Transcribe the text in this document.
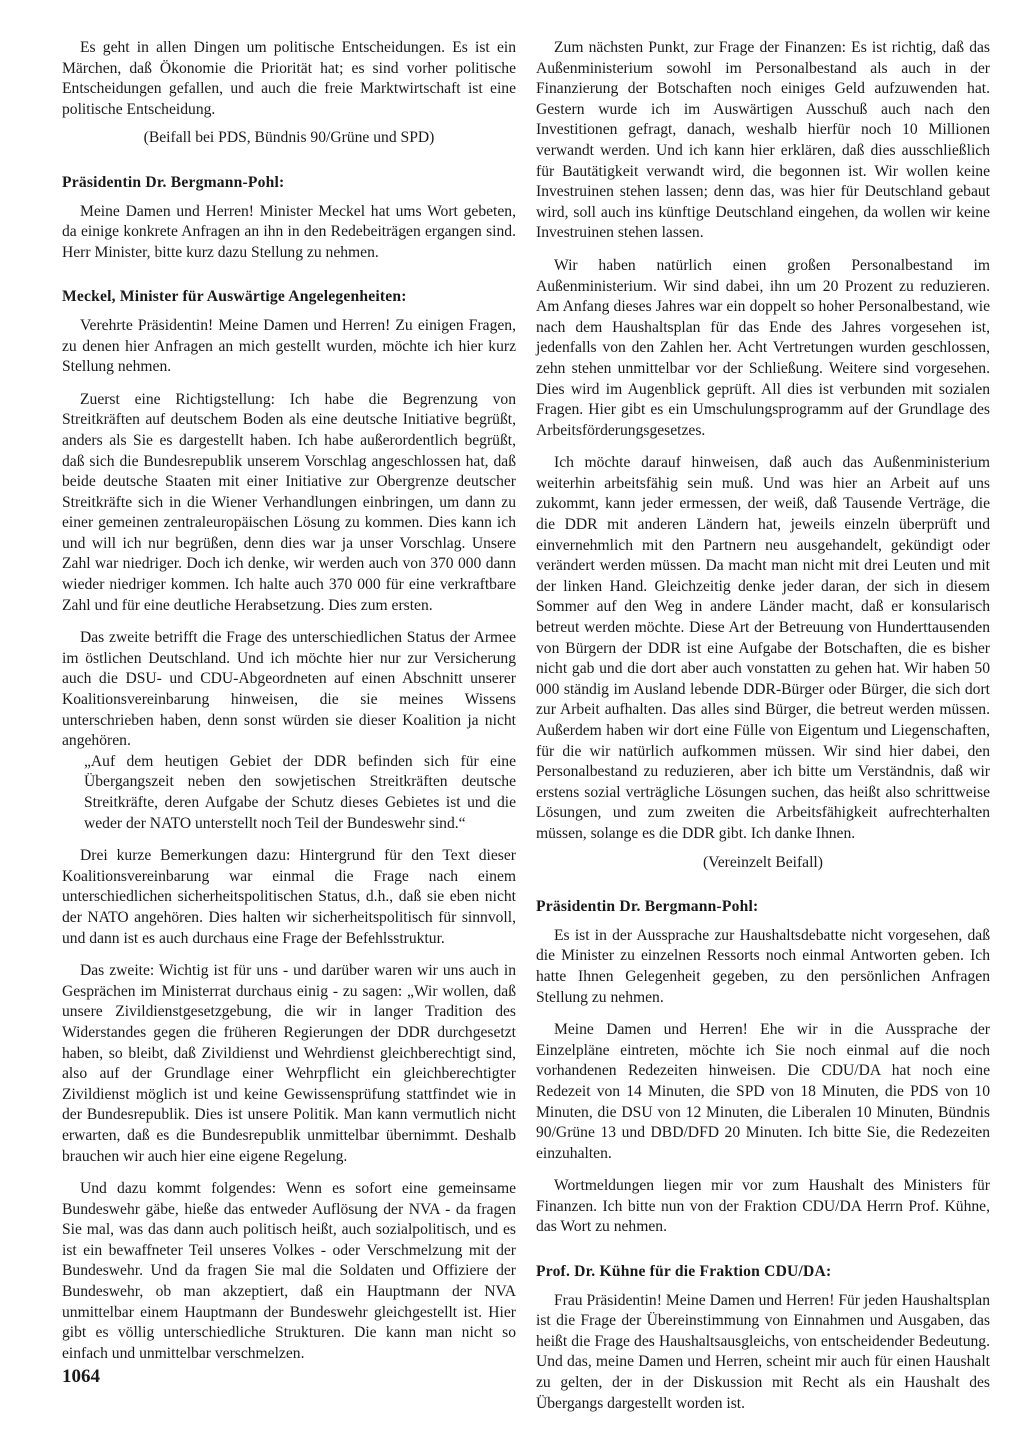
Es geht in allen Dingen um politische Entscheidungen. Es ist ein Märchen, daß Ökonomie die Priorität hat; es sind vorher politische Entscheidungen gefallen, und auch die freie Marktwirtschaft ist eine politische Entscheidung.

(Beifall bei PDS, Bündnis 90/Grüne und SPD)

Präsidentin Dr. Bergmann-Pohl:

Meine Damen und Herren! Minister Meckel hat ums Wort gebeten, da einige konkrete Anfragen an ihn in den Redebeiträgen ergangen sind. Herr Minister, bitte kurz dazu Stellung zu nehmen.

Meckel, Minister für Auswärtige Angelegenheiten:

Verehrte Präsidentin! Meine Damen und Herren! Zu einigen Fragen, zu denen hier Anfragen an mich gestellt wurden, möchte ich hier kurz Stellung nehmen.

Zuerst eine Richtigstellung: Ich habe die Begrenzung von Streitkräften auf deutschem Boden als eine deutsche Initiative begrüßt, anders als Sie es dargestellt haben. Ich habe außerordentlich begrüßt, daß sich die Bundesrepublik unserem Vorschlag angeschlossen hat, daß beide deutsche Staaten mit einer Initiative zur Obergrenze deutscher Streitkräfte sich in die Wiener Verhandlungen einbringen, um dann zu einer gemeinen zentraleuropäischen Lösung zu kommen. Dies kann ich und will ich nur begrüßen, denn dies war ja unser Vorschlag. Unsere Zahl war niedriger. Doch ich denke, wir werden auch von 370 000 dann wieder niedriger kommen. Ich halte auch 370 000 für eine verkraftbare Zahl und für eine deutliche Herabsetzung. Dies zum ersten.

Das zweite betrifft die Frage des unterschiedlichen Status der Armee im östlichen Deutschland. Und ich möchte hier nur zur Versicherung auch die DSU- und CDU-Abgeordneten auf einen Abschnitt unserer Koalitionsvereinbarung hinweisen, die sie meines Wissens unterschrieben haben, denn sonst würden sie dieser Koalition ja nicht angehören.

„Auf dem heutigen Gebiet der DDR befinden sich für eine Übergangszeit neben den sowjetischen Streitkräften deutsche Streitkräfte, deren Aufgabe der Schutz dieses Gebietes ist und die weder der NATO unterstellt noch Teil der Bundeswehr sind.“

Drei kurze Bemerkungen dazu: Hintergrund für den Text dieser Koalitionsvereinbarung war einmal die Frage nach einem unterschiedlichen sicherheitspolitischen Status, d.h., daß sie eben nicht der NATO angehören. Dies halten wir sicherheitspolitisch für sinnvoll, und dann ist es auch durchaus eine Frage der Befehlsstruktur.

Das zweite: Wichtig ist für uns - und darüber waren wir uns auch in Gesprächen im Ministerrat durchaus einig - zu sagen: „Wir wollen, daß unsere Zivildienstgesetzgebung, die wir in langer Tradition des Widerstandes gegen die früheren Regierungen der DDR durchgesetzt haben, so bleibt, daß Zivildienst und Wehrdienst gleichberechtigt sind, also auf der Grundlage einer Wehrpflicht ein gleichberechtigter Zivildienst möglich ist und keine Gewissensprüfung stattfindet wie in der Bundesrepublik. Dies ist unsere Politik. Man kann vermutlich nicht erwarten, daß es die Bundesrepublik unmittelbar übernimmt. Deshalb brauchen wir auch hier eine eigene Regelung.

Und dazu kommt folgendes: Wenn es sofort eine gemeinsame Bundeswehr gäbe, hieße das entweder Auflösung der NVA - da fragen Sie mal, was das dann auch politisch heißt, auch sozialpolitisch, und es ist ein bewaffneter Teil unseres Volkes - oder Verschmelzung mit der Bundeswehr. Und da fragen Sie mal die Soldaten und Offiziere der Bundeswehr, ob man akzeptiert, daß ein Hauptmann der NVA unmittelbar einem Hauptmann der Bundeswehr gleichgestellt ist. Hier gibt es völlig unterschiedliche Strukturen. Die kann man nicht so einfach und unmittelbar verschmelzen.

Zum nächsten Punkt, zur Frage der Finanzen: Es ist richtig, daß das Außenministerium sowohl im Personalbestand als auch in der Finanzierung der Botschaften noch einiges Geld aufzuwenden hat. Gestern wurde ich im Auswärtigen Ausschuß auch nach den Investitionen gefragt, danach, weshalb hierfür noch 10 Millionen verwandt werden. Und ich kann hier erklären, daß dies ausschließlich für Bautätigkeit verwandt wird, die begonnen ist. Wir wollen keine Investruinen stehen lassen; denn das, was hier für Deutschland gebaut wird, soll auch ins künftige Deutschland eingehen, da wollen wir keine Investruinen stehen lassen.

Wir haben natürlich einen großen Personalbestand im Außenministerium. Wir sind dabei, ihn um 20 Prozent zu reduzieren. Am Anfang dieses Jahres war ein doppelt so hoher Personalbestand, wie nach dem Haushaltsplan für das Ende des Jahres vorgesehen ist, jedenfalls von den Zahlen her. Acht Vertretungen wurden geschlossen, zehn stehen unmittelbar vor der Schließung. Weitere sind vorgesehen. Dies wird im Augenblick geprüft. All dies ist verbunden mit sozialen Fragen. Hier gibt es ein Umschulungsprogramm auf der Grundlage des Arbeitsförderungsgesetzes.

Ich möchte darauf hinweisen, daß auch das Außenministerium weiterhin arbeitsfähig sein muß. Und was hier an Arbeit auf uns zukommt, kann jeder ermessen, der weiß, daß Tausende Verträge, die die DDR mit anderen Ländern hat, jeweils einzeln überprüft und einvernehmlich mit den Partnern neu ausgehandelt, gekündigt oder verändert werden müssen. Da macht man nicht mit drei Leuten und mit der linken Hand. Gleichzeitig denke jeder daran, der sich in diesem Sommer auf den Weg in andere Länder macht, daß er konsularisch betreut werden möchte. Diese Art der Betreuung von Hunderttausenden von Bürgern der DDR ist eine Aufgabe der Botschaften, die es bisher nicht gab und die dort aber auch vonstatten zu gehen hat. Wir haben 50 000 ständig im Ausland lebende DDR-Bürger oder Bürger, die sich dort zur Arbeit aufhalten. Das alles sind Bürger, die betreut werden müssen. Außerdem haben wir dort eine Fülle von Eigentum und Liegenschaften, für die wir natürlich aufkommen müssen. Wir sind hier dabei, den Personalbestand zu reduzieren, aber ich bitte um Verständnis, daß wir erstens sozial verträgliche Lösungen suchen, das heißt also schrittweise Lösungen, und zum zweiten die Arbeitsfähigkeit aufrechterhalten müssen, solange es die DDR gibt. Ich danke Ihnen.

(Vereinzelt Beifall)

Präsidentin Dr. Bergmann-Pohl:

Es ist in der Aussprache zur Haushaltsdebatte nicht vorgesehen, daß die Minister zu einzelnen Ressorts noch einmal Antworten geben. Ich hatte Ihnen Gelegenheit gegeben, zu den persönlichen Anfragen Stellung zu nehmen.

Meine Damen und Herren! Ehe wir in die Aussprache der Einzelpläne eintreten, möchte ich Sie noch einmal auf die noch vorhandenen Redezeiten hinweisen. Die CDU/DA hat noch eine Redezeit von 14 Minuten, die SPD von 18 Minuten, die PDS von 10 Minuten, die DSU von 12 Minuten, die Liberalen 10 Minuten, Bündnis 90/Grüne 13 und DBD/DFD 20 Minuten. Ich bitte Sie, die Redezeiten einzuhalten.

Wortmeldungen liegen mir vor zum Haushalt des Ministers für Finanzen. Ich bitte nun von der Fraktion CDU/DA Herrn Prof. Kühne, das Wort zu nehmen.

Prof. Dr. Kühne für die Fraktion CDU/DA:

Frau Präsidentin! Meine Damen und Herren! Für jeden Haushaltsplan ist die Frage der Übereinstimmung von Einnahmen und Ausgaben, das heißt die Frage des Haushaltsausgleichs, von entscheidender Bedeutung. Und das, meine Damen und Herren, scheint mir auch für einen Haushalt zu gelten, der in der Diskussion mit Recht als ein Haushalt des Übergangs dargestellt worden ist.

1064
